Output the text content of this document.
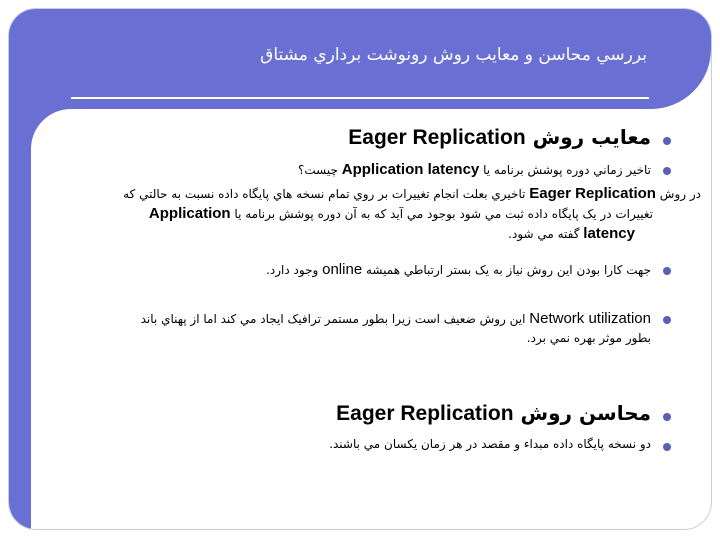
بررسي محاسن و معايب روش رونوشت برداري مشتاق
معايب روش Eager Replication
تاخير زماني دوره پوشش برنامه يا Application latency چيست؟
در روش Eager Replication تاخيري بعلت انجام تغييرات بر روي تمام نسخه هاي پايگاه داده نسبت به حالتي كه
تغييرات در يک پايگاه داده ثبت مي شود بوجود مي آيد كه به آن دوره پوشش برنامه يا Application
latency گفته مي شود.
جهت كارا بودن اين روش نياز به يک بستر ارتباطي هميشه online وجود دارد.
Network utilization اين روش ضعيف است زيرا بطور مستمر ترافيک ايجاد مي كند اما از پهناي باند
بطور موثر بهره نمي برد.
محاسن روش Eager Replication
دو نسخه پايگاه داده مبداء و مقصد در هر زمان يكسان مي باشند.
